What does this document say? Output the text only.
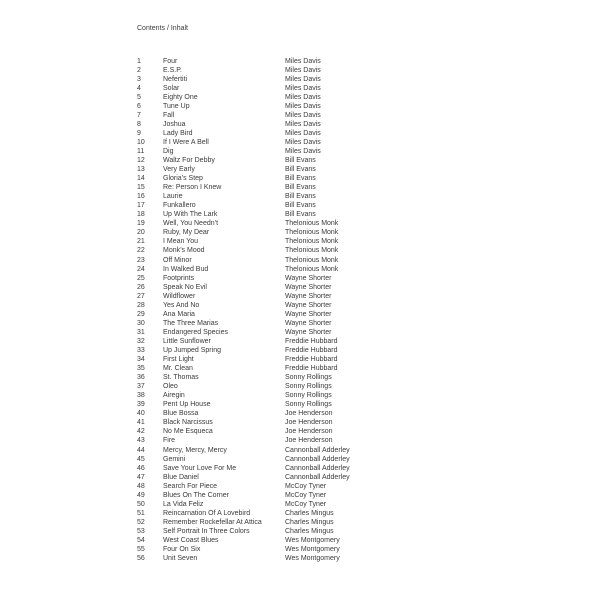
Contents / Inhalt
1	Four	Miles Davis
2	E.S.P.	Miles Davis
3	Nefertiti	Miles Davis
4	Solar	Miles Davis
5	Eighty One	Miles Davis
6	Tune Up	Miles Davis
7	Fall	Miles Davis
8	Joshua	Miles Davis
9	Lady Bird	Miles Davis
10	If I Were A Bell	Miles Davis
11	Dig	Miles Davis
12	Waltz For Debby	Bill Evans
13	Very Early	Bill Evans
14	Gloria’s Step	Bill Evans
15	Re: Person I Knew	Bill Evans
16	Laurie	Bill Evans
17	Funkallero	Bill Evans
18	Up With The Lark	Bill Evans
19	Well, You Needn’t	Thelonious Monk
20	Ruby, My Dear	Thelonious Monk
21	I Mean You	Thelonious Monk
22	Monk’s Mood	Thelonious Monk
23	Off Minor	Thelonious Monk
24	In Walked Bud	Thelonious Monk
25	Footprints	Wayne Shorter
26	Speak No Evil	Wayne Shorter
27	Wildflower	Wayne Shorter
28	Yes And No	Wayne Shorter
29	Ana Maria	Wayne Shorter
30	The Three Marias	Wayne Shorter
31	Endangered Species	Wayne Shorter
32	Little Sunflower	Freddie Hubbard
33	Up Jumped Spring	Freddie Hubbard
34	First Light	Freddie Hubbard
35	Mr. Clean	Freddie Hubbard
36	St. Thomas	Sonny Rollings
37	Oleo	Sonny Rollings
38	Airegin	Sonny Rollings
39	Pent Up House	Sonny Rollings
40	Blue Bossa	Joe Henderson
41	Black Narcissus	Joe Henderson
42	No Me Esqueca	Joe Henderson
43	Fire	Joe Henderson
44	Mercy, Mercy, Mercy	Cannonball Adderley
45	Gemini	Cannonball Adderley
46	Save Your Love For Me	Cannonball Adderley
47	Blue Daniel	Cannonball Adderley
48	Search For Piece	McCoy Tyner
49	Blues On The Corner	McCoy Tyner
50	La Vida Feliz	McCoy Tyner
51	Reincarnation Of A Lovebird	Charles Mingus
52	Remember Rockefellar At Attica	Charles Mingus
53	Self Portrait In Three Colors	Charles Mingus
54	West Coast Blues	Wes Montgomery
55	Four On Six	Wes Montgomery
56	Unit Seven	Wes Montgomery
